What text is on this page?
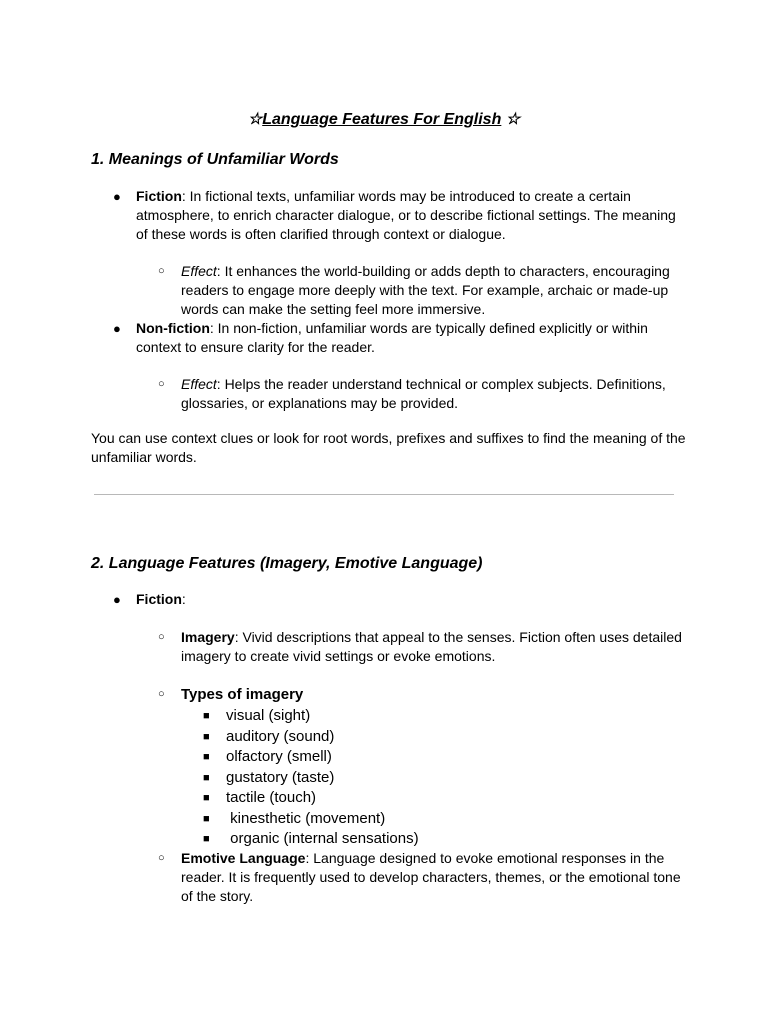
☆Language Features For English ☆
1. Meanings of Unfamiliar Words
● Fiction: In fictional texts, unfamiliar words may be introduced to create a certain
atmosphere, to enrich character dialogue, or to describe fictional settings. The meaning
of these words is often clarified through context or dialogue.
○ Effect: It enhances the world-building or adds depth to characters, encouraging
readers to engage more deeply with the text. For example, archaic or made-up
words can make the setting feel more immersive.
● Non-fiction: In non-fiction, unfamiliar words are typically defined explicitly or within
context to ensure clarity for the reader.
○ Effect: Helps the reader understand technical or complex subjects. Definitions,
glossaries, or explanations may be provided.
You can use context clues or look for root words, prefixes and suffixes to find the meaning of the
unfamiliar words.
2. Language Features (Imagery, Emotive Language)
● Fiction:
○ Imagery: Vivid descriptions that appeal to the senses. Fiction often uses detailed
imagery to create vivid settings or evoke emotions.
○ Types of imagery
■ visual (sight)
■ auditory (sound)
■ olfactory (smell)
■ gustatory (taste)
■ tactile (touch)
■ kinesthetic (movement)
■ organic (internal sensations)
○ Emotive Language: Language designed to evoke emotional responses in the
reader. It is frequently used to develop characters, themes, or the emotional tone
of the story.
